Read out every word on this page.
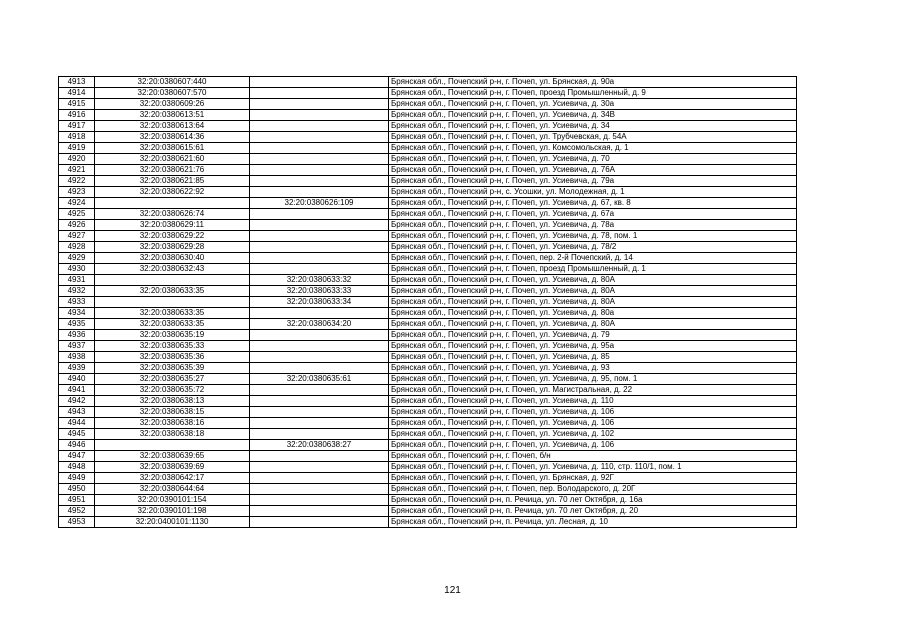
4913	32:20:0380607:440		Брянская обл., Почепский р-н, г. Почеп, ул. Брянская, д. 90а
4914	32:20:0380607:570		Брянская обл., Почепский р-н, г. Почеп, проезд Промышленный, д. 9
4915	32:20:0380609:26		Брянская обл., Почепский р-н, г. Почеп, ул. Усиевича, д. 30а
4916	32:20:0380613:51		Брянская обл., Почепский р-н, г. Почеп, ул. Усиевича, д. 34В
4917	32:20:0380613:64		Брянская обл., Почепский р-н, г. Почеп, ул. Усиевича, д. 34
4918	32:20:0380614:36		Брянская обл., Почепский р-н, г. Почеп, ул. Трубчевская, д. 54А
4919	32:20:0380615:61		Брянская обл., Почепский р-н, г. Почеп, ул. Комсомольская, д. 1
4920	32:20:0380621:60		Брянская обл., Почепский р-н, г. Почеп, ул. Усиевича, д. 70
4921	32:20:0380621:76		Брянская обл., Почепский р-н, г. Почеп, ул. Усиевича, д. 76А
4922	32:20:0380621:85		Брянская обл., Почепский р-н, г. Почеп, ул. Усиевича, д. 79а
4923	32:20:0380622:92		Брянская обл., Почепский р-н, с. Усошки, ул. Молодежная, д. 1
4924		32:20:0380626:109	Брянская обл., Почепский р-н, г. Почеп, ул. Усиевича, д. 67, кв. 8
4925	32:20:0380626:74		Брянская обл., Почепский р-н, г. Почеп, ул. Усиевича, д. 67а
4926	32:20:0380629:11		Брянская обл., Почепский р-н, г. Почеп, ул. Усиевича, д. 78а
4927	32:20:0380629:22		Брянская обл., Почепский р-н, г. Почеп, ул. Усиевича, д. 78, пом. 1
4928	32:20:0380629:28		Брянская обл., Почепский р-н, г. Почеп, ул. Усиевича, д. 78/2
4929	32:20:0380630:40		Брянская обл., Почепский р-н, г. Почеп, пер. 2-й Почепский, д. 14
4930	32:20:0380632:43		Брянская обл., Почепский р-н, г. Почеп, проезд Промышленный, д. 1
4931		32:20:0380633:32	Брянская обл., Почепский р-н, г. Почеп, ул. Усиевича, д. 80А
4932	32:20:0380633:35	32:20:0380633:33	Брянская обл., Почепский р-н, г. Почеп, ул. Усиевича, д. 80А
4933		32:20:0380633:34	Брянская обл., Почепский р-н, г. Почеп, ул. Усиевича, д. 80А
4934	32:20:0380633:35		Брянская обл., Почепский р-н, г. Почеп, ул. Усиевича, д. 80а
4935	32:20:0380633:35	32:20:0380634:20	Брянская обл., Почепский р-н, г. Почеп, ул. Усиевича, д. 80А
4936	32:20:0380635:19		Брянская обл., Почепский р-н, г. Почеп, ул. Усиевича, д. 79
4937	32:20:0380635:33		Брянская обл., Почепский р-н, г. Почеп, ул. Усиевича, д. 95а
4938	32:20:0380635:36		Брянская обл., Почепский р-н, г. Почеп, ул. Усиевича, д. 85
4939	32:20:0380635:39		Брянская обл., Почепский р-н, г. Почеп, ул. Усиевича, д. 93
4940	32:20:0380635:27	32:20:0380635:61	Брянская обл., Почепский р-н, г. Почеп, ул. Усиевича, д. 95, пом. 1
4941	32:20:0380635:72		Брянская обл., Почепский р-н, г. Почеп, ул. Магистральная, д. 22
4942	32:20:0380638:13		Брянская обл., Почепский р-н, г. Почеп, ул. Усиевича, д. 110
4943	32:20:0380638:15		Брянская обл., Почепский р-н, г. Почеп, ул. Усиевича, д. 106
4944	32:20:0380638:16		Брянская обл., Почепский р-н, г. Почеп, ул. Усиевича, д. 106
4945	32:20:0380638:18		Брянская обл., Почепский р-н, г. Почеп, ул. Усиевича, д. 102
4946		32:20:0380638:27	Брянская обл., Почепский р-н, г. Почеп, ул. Усиевича, д. 106
4947	32:20:0380639:65		Брянская обл., Почепский р-н, г. Почеп, б/н
4948	32:20:0380639:69		Брянская обл., Почепский р-н, г. Почеп, ул. Усиевича, д. 110, стр. 110/1, пом. 1
4949	32:20:0380642:17		Брянская обл., Почепский р-н, г. Почеп, ул. Брянская, д. 92Г
4950	32:20:0380644:64		Брянская обл., Почепский р-н, г. Почеп, пер. Володарского, д. 20Г
4951	32:20:0390101:154		Брянская обл., Почепский р-н, п. Речица, ул. 70 лет Октября, д. 16а
4952	32:20:0390101:198		Брянская обл., Почепский р-н, п. Речица, ул. 70 лет Октября, д. 20
4953	32:20:0400101:1130		Брянская обл., Почепский р-н, п. Речица, ул. Лесная, д. 10
121
